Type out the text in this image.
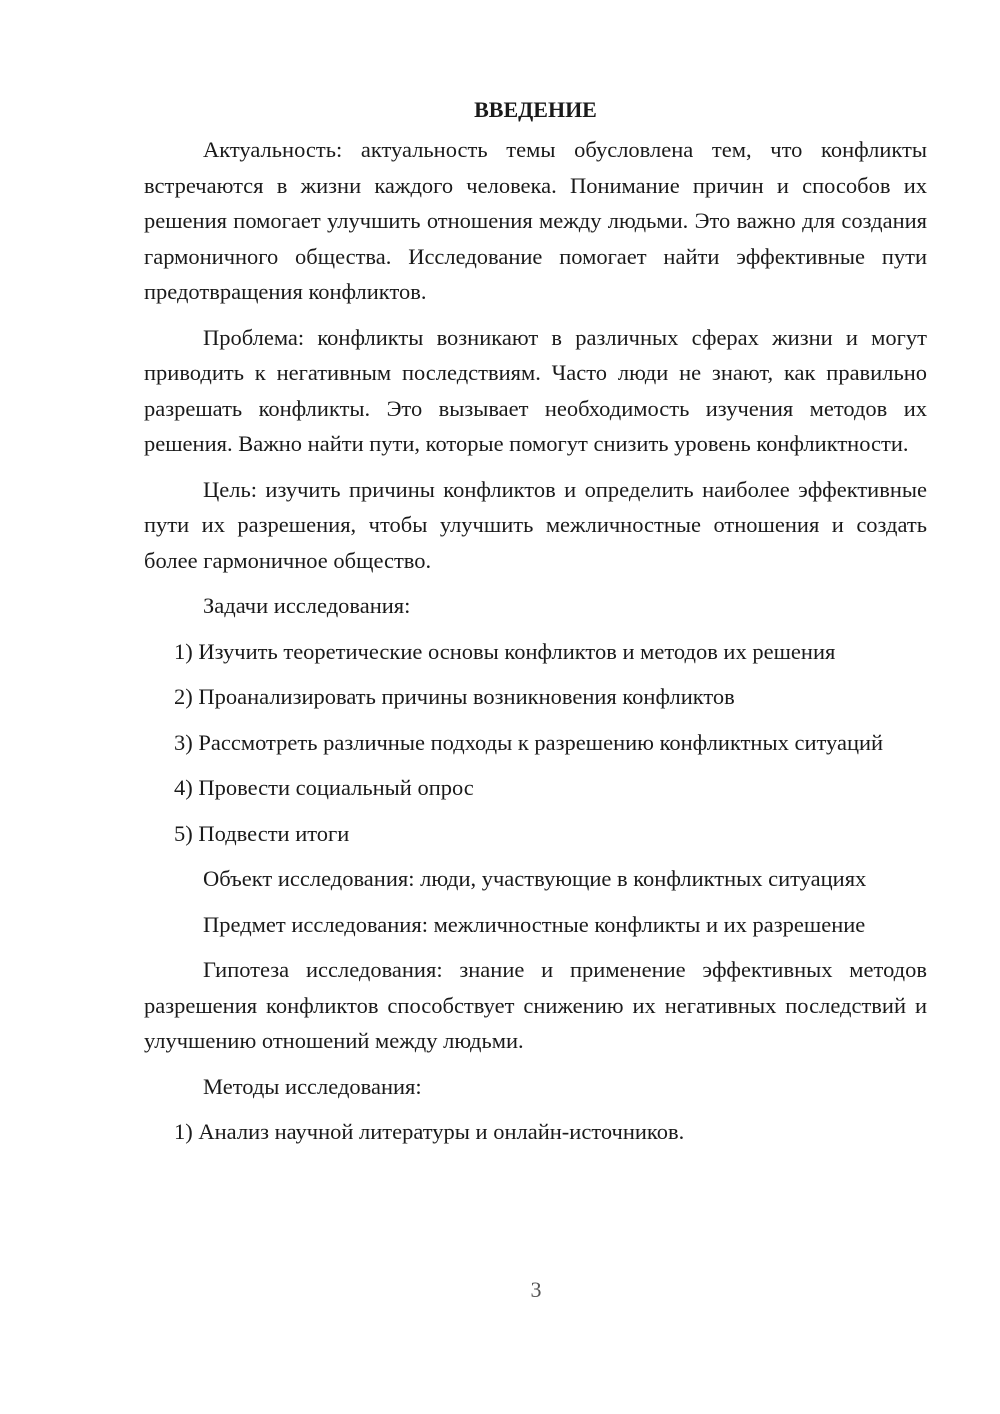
ВВЕДЕНИЕ

Актуальность: актуальность темы обусловлена тем, что конфликты встречаются в жизни каждого человека. Понимание причин и способов их решения помогает улучшить отношения между людьми. Это важно для создания гармоничного общества. Исследование помогает найти эффективные пути предотвращения конфликтов.

Проблема: конфликты возникают в различных сферах жизни и могут приводить к негативным последствиям. Часто люди не знают, как правильно разрешать конфликты. Это вызывает необходимость изучения методов их решения. Важно найти пути, которые помогут снизить уровень конфликтности.

Цель: изучить причины конфликтов и определить наиболее эффективные пути их разрешения, чтобы улучшить межличностные отношения и создать более гармоничное общество.

Задачи исследования:

1) Изучить теоретические основы конфликтов и методов их решения

2) Проанализировать причины возникновения конфликтов

3) Рассмотреть различные подходы к разрешению конфликтных ситуаций

4) Провести социальный опрос

5) Подвести итоги

Объект исследования: люди, участвующие в конфликтных ситуациях

Предмет исследования: межличностные конфликты и их разрешение

Гипотеза исследования: знание и применение эффективных методов разрешения конфликтов способствует снижению их негативных последствий и улучшению отношений между людьми.

Методы исследования:

1) Анализ научной литературы и онлайн-источников.

3
